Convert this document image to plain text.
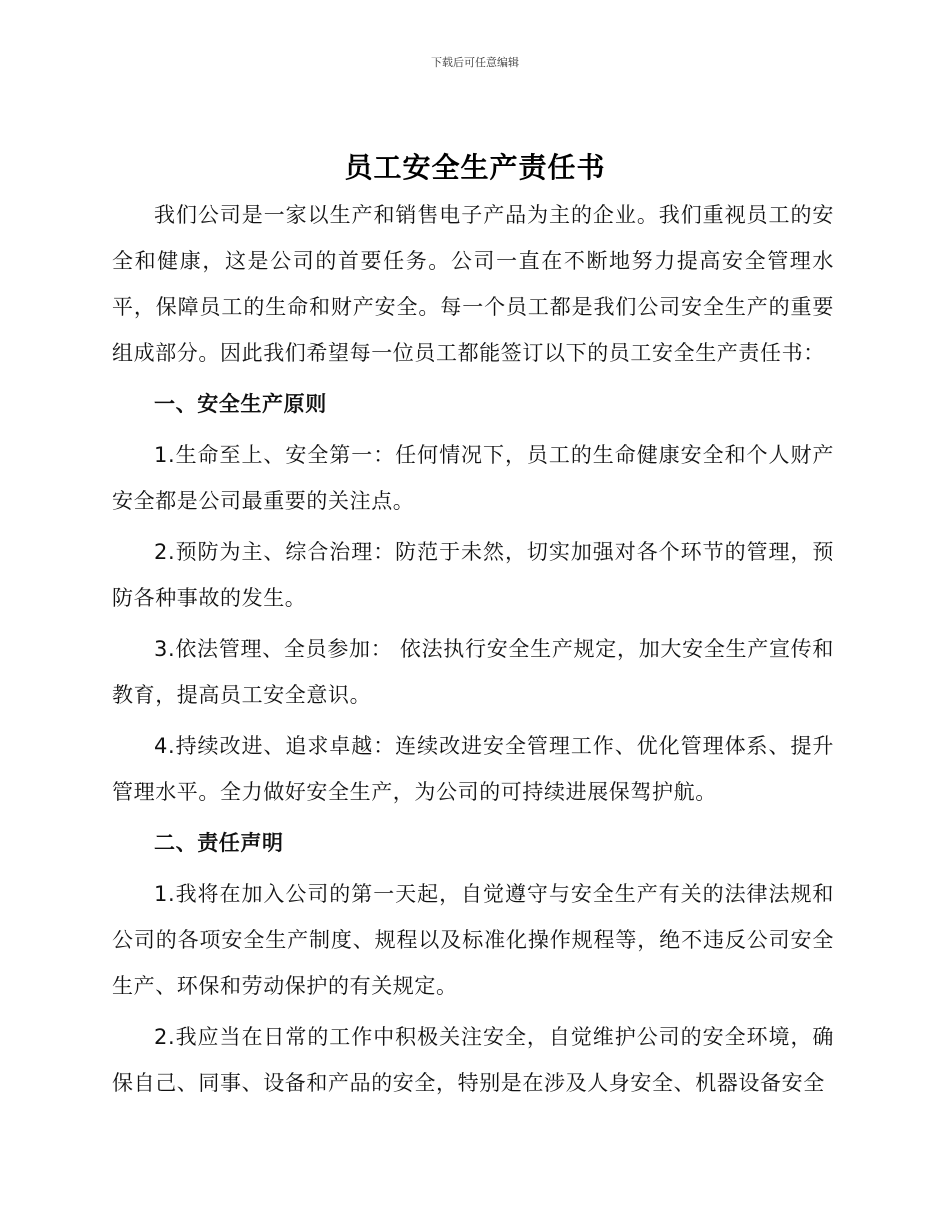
下载后可任意编辑
员工安全生产责任书

我们公司是一家以生产和销售电子产品为主的企业。我们重视员工的安全和健康，这是公司的首要任务。公司一直在不断地努力提高安全管理水平，保障员工的生命和财产安全。每一个员工都是我们公司安全生产的重要组成部分。因此我们希望每一位员工都能签订以下的员工安全生产责任书：

一、安全生产原则

1.生命至上、安全第一：任何情况下，员工的生命健康安全和个人财产安全都是公司最重要的关注点。

2.预防为主、综合治理：防范于未然，切实加强对各个环节的管理，预防各种事故的发生。

3.依法管理、全员参加： 依法执行安全生产规定，加大安全生产宣传和教育，提高员工安全意识。

4.持续改进、追求卓越：连续改进安全管理工作、优化管理体系、提升管理水平。全力做好安全生产，为公司的可持续进展保驾护航。

二、责任声明

1.我将在加入公司的第一天起，自觉遵守与安全生产有关的法律法规和公司的各项安全生产制度、规程以及标准化操作规程等，绝不违反公司安全生产、环保和劳动保护的有关规定。

2.我应当在日常的工作中积极关注安全，自觉维护公司的安全环境，确保自己、同事、设备和产品的安全，特别是在涉及人身安全、机器设备安全
